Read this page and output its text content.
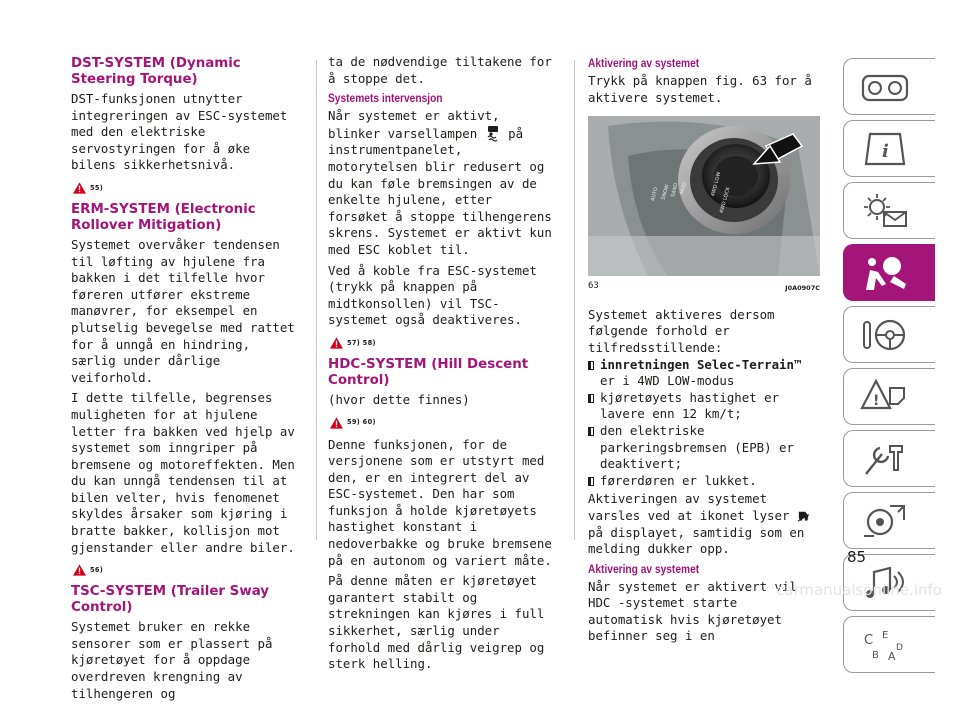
DST-SYSTEM (Dynamic Steering Torque)

DST-funksjonen utnytter integreringen av ESC-systemet med den elektriske servostyringen for å øke bilens sikkerhetsnivå.

55)
ERM-SYSTEM (Electronic Rollover Mitigation)

Systemet overvåker tendensen til løfting av hjulene fra bakken i det tilfelle hvor føreren utfører ekstreme manøvrer, for eksempel en plutselig bevegelse med rattet for å unngå en hindring, særlig under dårlige veiforhold.

I dette tilfelle, begrenses muligheten for at hjulene letter fra bakken ved hjelp av systemet som inngriper på bremsene og motoreffekten. Men du kan unngå tendensen til at bilen velter, hvis fenomenet skyldes årsaker som kjøring i bratte bakker, kollisjon mot gjenstander eller andre biler.

56)
TSC-SYSTEM (Trailer Sway Control)

Systemet bruker en rekke sensorer som er plassert på kjøretøyet for å oppdage overdreven krengning av tilhengeren og

ta de nødvendige tiltakene for å stoppe det.

Systemets intervensjon

Når systemet er aktivt, blinker varsellampen på instrumentpanelet, motorytelsen blir redusert og du kan føle bremsingen av de enkelte hjulene, etter forsøket å stoppe tilhengerens skrens. Systemet er aktivt kun med ESC koblet til.

Ved å koble fra ESC-systemet (trykk på knappen på midtkonsollen) vil TSC-systemet også deaktiveres.

57) 58)
HDC-SYSTEM (Hill Descent Control)

(hvor dette finnes)

59) 60)

Denne funksjonen, for de versjonene som er utstyrt med den, er en integrert del av ESC-systemet. Den har som funksjon å holde kjøretøyets hastighet konstant i nedoverbakke og bruke bremsene på en autonom og variert måte.

På denne måten er kjøretøyet garantert stabilt og strekningen kan kjøres i full sikkerhet, særlig under forhold med dårlig veigrep og sterk helling.

Aktivering av systemet

Trykk på knappen fig. 63 for å aktivere systemet.

AUTO SNOW SAND MUD	4WD LOW
4WD LOCK
63	J0A0907C

Systemet aktiveres dersom følgende forhold er tilfredsstillende:

innretningen Selec-Terrain™ er i 4WD LOW-modus
kjøretøyets hastighet er lavere enn 12 km/t;
den elektriske parkeringsbremsen (EPB) er deaktivert;
førerdøren er lukket.

Aktiveringen av systemet varsles ved at ikonet lyser  på displayet, samtidig som en melding dukker opp.

Aktivering av systemet

Når systemet er aktivert vil HDC -systemet starte automatisk hvis kjøretøyet befinner seg i en

i
!
C E
B A
D
85
carmanualsonline.info
